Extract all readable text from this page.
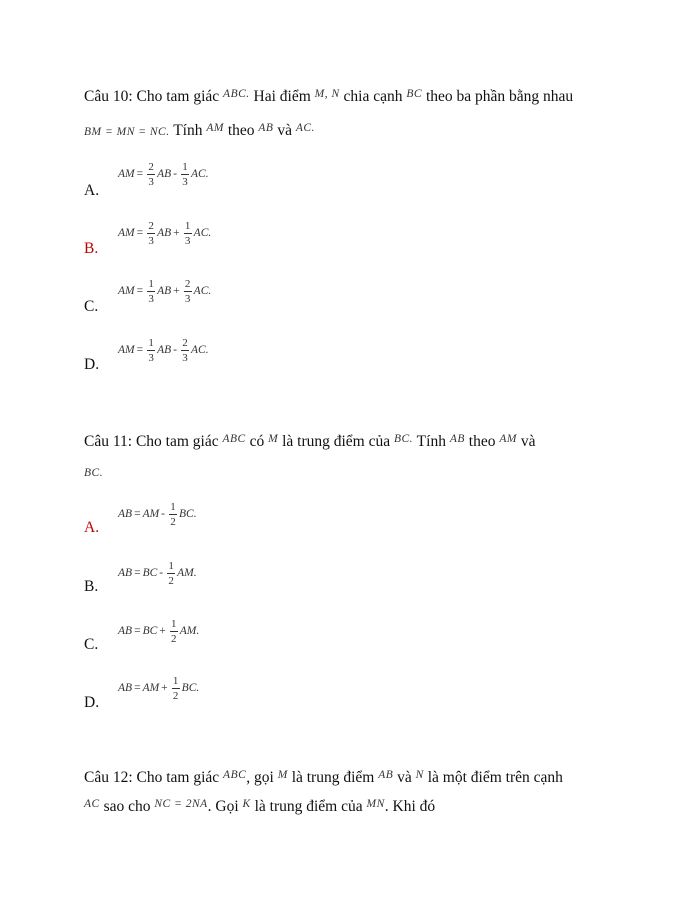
Câu 10: Cho tam giác $^{ABC.}$ Hai điểm $^{M, N}$ chia cạnh $^{BC}$ theo ba phần bằng nhau
BM = MN = NC. Tính $^{AM}$ theo $^{AB}$ và $^{AC.}$
A.
AM = $\frac{2}{3}$ AB - $\frac{1}{3}$ AC.
B.
AM = $\frac{2}{3}$ AB + $\frac{1}{3}$ AC.
C.
AM = $\frac{1}{3}$ AB + $\frac{2}{3}$ AC.
D.
AM = $\frac{1}{3}$ AB - $\frac{2}{3}$ AC.
Câu 11: Cho tam giác $^{ABC}$ có $^M$ là trung điểm của $^{BC.}$ Tính $^{AB}$ theo $^{AM}$ và
BC.
A.
AB = AM - $\frac{1}{2}$ BC.
B.
AB = BC - $\frac{1}{2}$ AM.
C.
AB = BC + $\frac{1}{2}$ AM.
D.
AB = AM + $\frac{1}{2}$ BC.
Câu 12: Cho tam giác $^{ABC}$, gọi $^M$ là trung điểm $^{AB}$ và $^N$ là một điểm trên cạnh
$^{AC}$ sao cho $^{NC = 2NA}$. Gọi $^K$ là trung điểm của $^{MN}$. Khi đó
